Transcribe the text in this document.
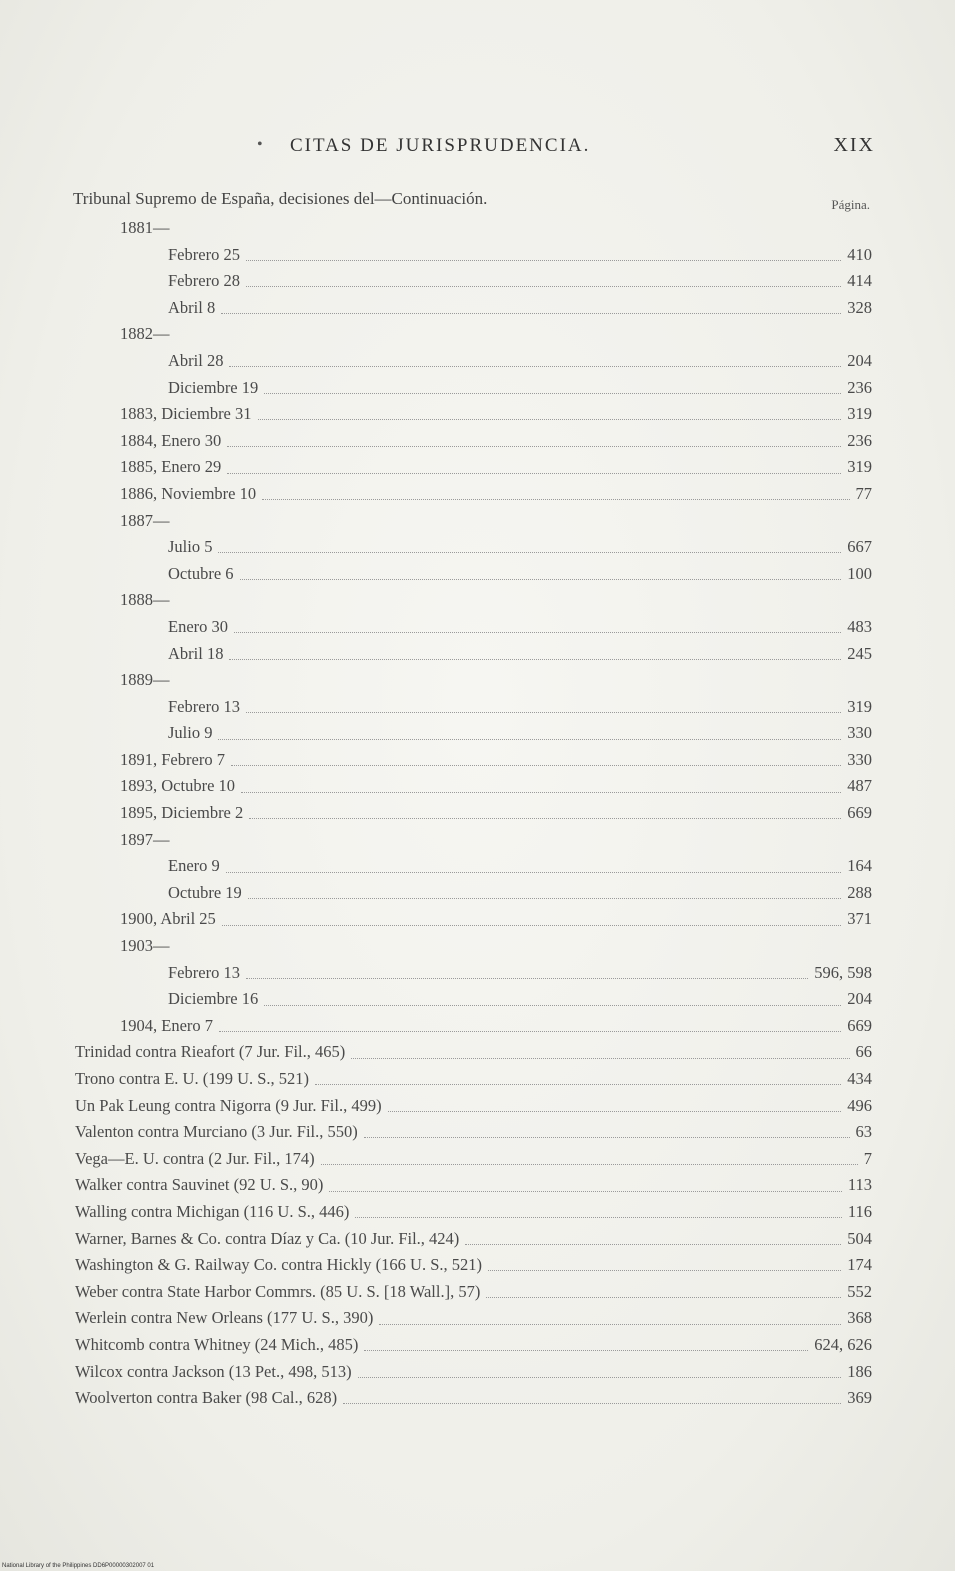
• CITAS DE JURISPRUDENCIA.	XIX
Tribunal Supremo de España, decisiones del—Continuación.	Página.
1881—
Febrero 25	410
Febrero 28	414
Abril 8	328
1882—
Abril 28	204
Diciembre 19	236
1883, Diciembre 31	319
1884, Enero 30	236
1885, Enero 29	319
1886, Noviembre 10	77
1887—
Julio 5	667
Octubre 6	100
1888—
Enero 30	483
Abril 18	245
1889—
Febrero 13	319
Julio 9	330
1891, Febrero 7	330
1893, Octubre 10	487
1895, Diciembre 2	669
1897—
Enero 9	164
Octubre 19	288
1900, Abril 25	371
1903—
Febrero 13	596, 598
Diciembre 16	204
1904, Enero 7	669
Trinidad contra Rieafort (7 Jur. Fil., 465)	66
Trono contra E. U. (199 U. S., 521)	434
Un Pak Leung contra Nigorra (9 Jur. Fil., 499)	496
Valenton contra Murciano (3 Jur. Fil., 550)	63
Vega—E. U. contra (2 Jur. Fil., 174)	7
Walker contra Sauvinet (92 U. S., 90)	113
Walling contra Michigan (116 U. S., 446)	116
Warner, Barnes & Co. contra Díaz y Ca. (10 Jur. Fil., 424)	504
Washington & G. Railway Co. contra Hickly (166 U. S., 521)	174
Weber contra State Harbor Commrs. (85 U. S. [18 Wall.], 57)	552
Werlein contra New Orleans (177 U. S., 390)	368
Whitcomb contra Whitney (24 Mich., 485)	624, 626
Wilcox contra Jackson (13 Pet., 498, 513)	186
Woolverton contra Baker (98 Cal., 628)	369
National Library of the Philippines DD6P00000302007 01
